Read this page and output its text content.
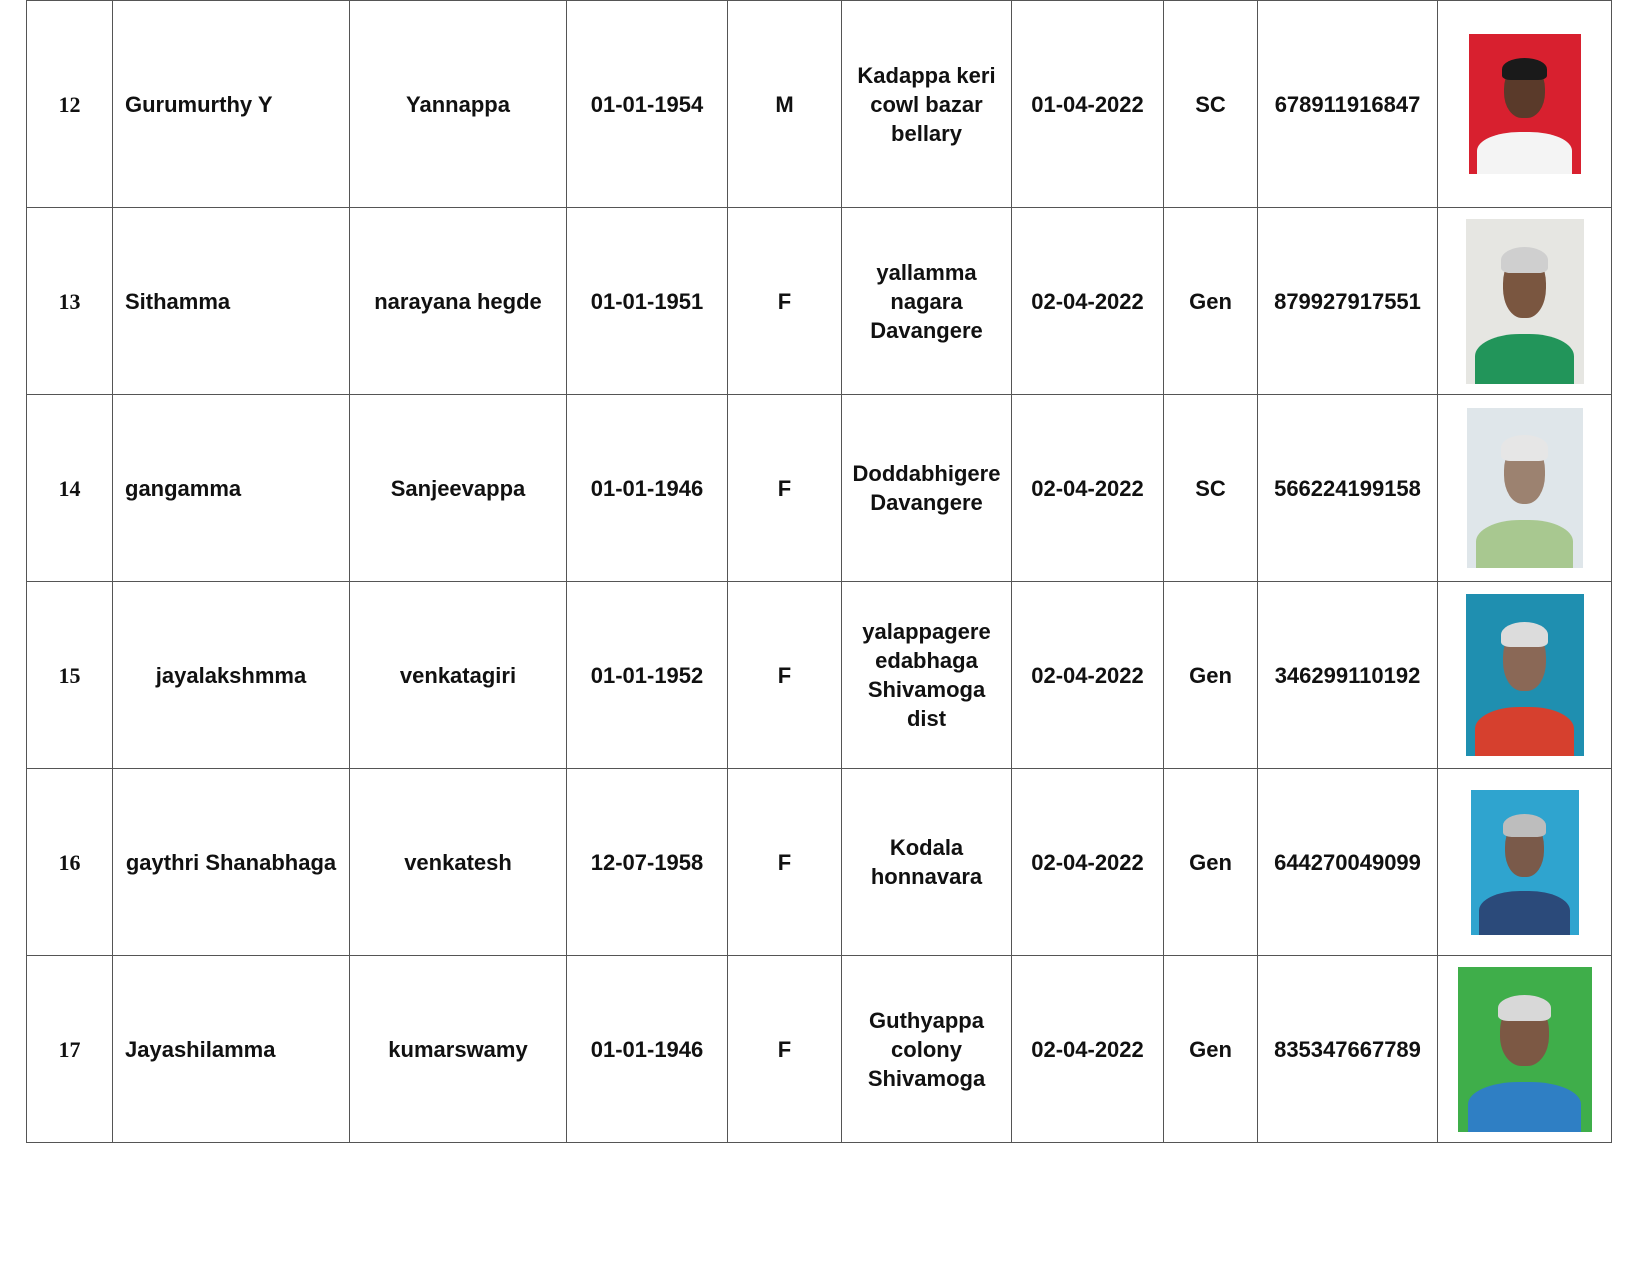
12	Gurumurthy Y	Yannappa	01-01-1954	M	Kadappa keri
cowl bazar
bellary	01-04-2022	SC	678911916847	

13	Sithamma	narayana hegde	01-01-1951	F	yallamma
nagara
Davangere	02-04-2022	Gen	879927917551	

14	gangamma	Sanjeevappa	01-01-1946	F	Doddabhigere
Davangere	02-04-2022	SC	566224199158	

15	jayalakshmma	venkatagiri	01-01-1952	F	yalappagere
edabhaga
Shivamoga dist	02-04-2022	Gen	346299110192	

16	gaythri Shanabhaga	venkatesh	12-07-1958	F	Kodala
honnavara	02-04-2022	Gen	644270049099	

17	Jayashilamma	kumarswamy	01-01-1946	F	Guthyappa
colony
Shivamoga	02-04-2022	Gen	835347667789	
